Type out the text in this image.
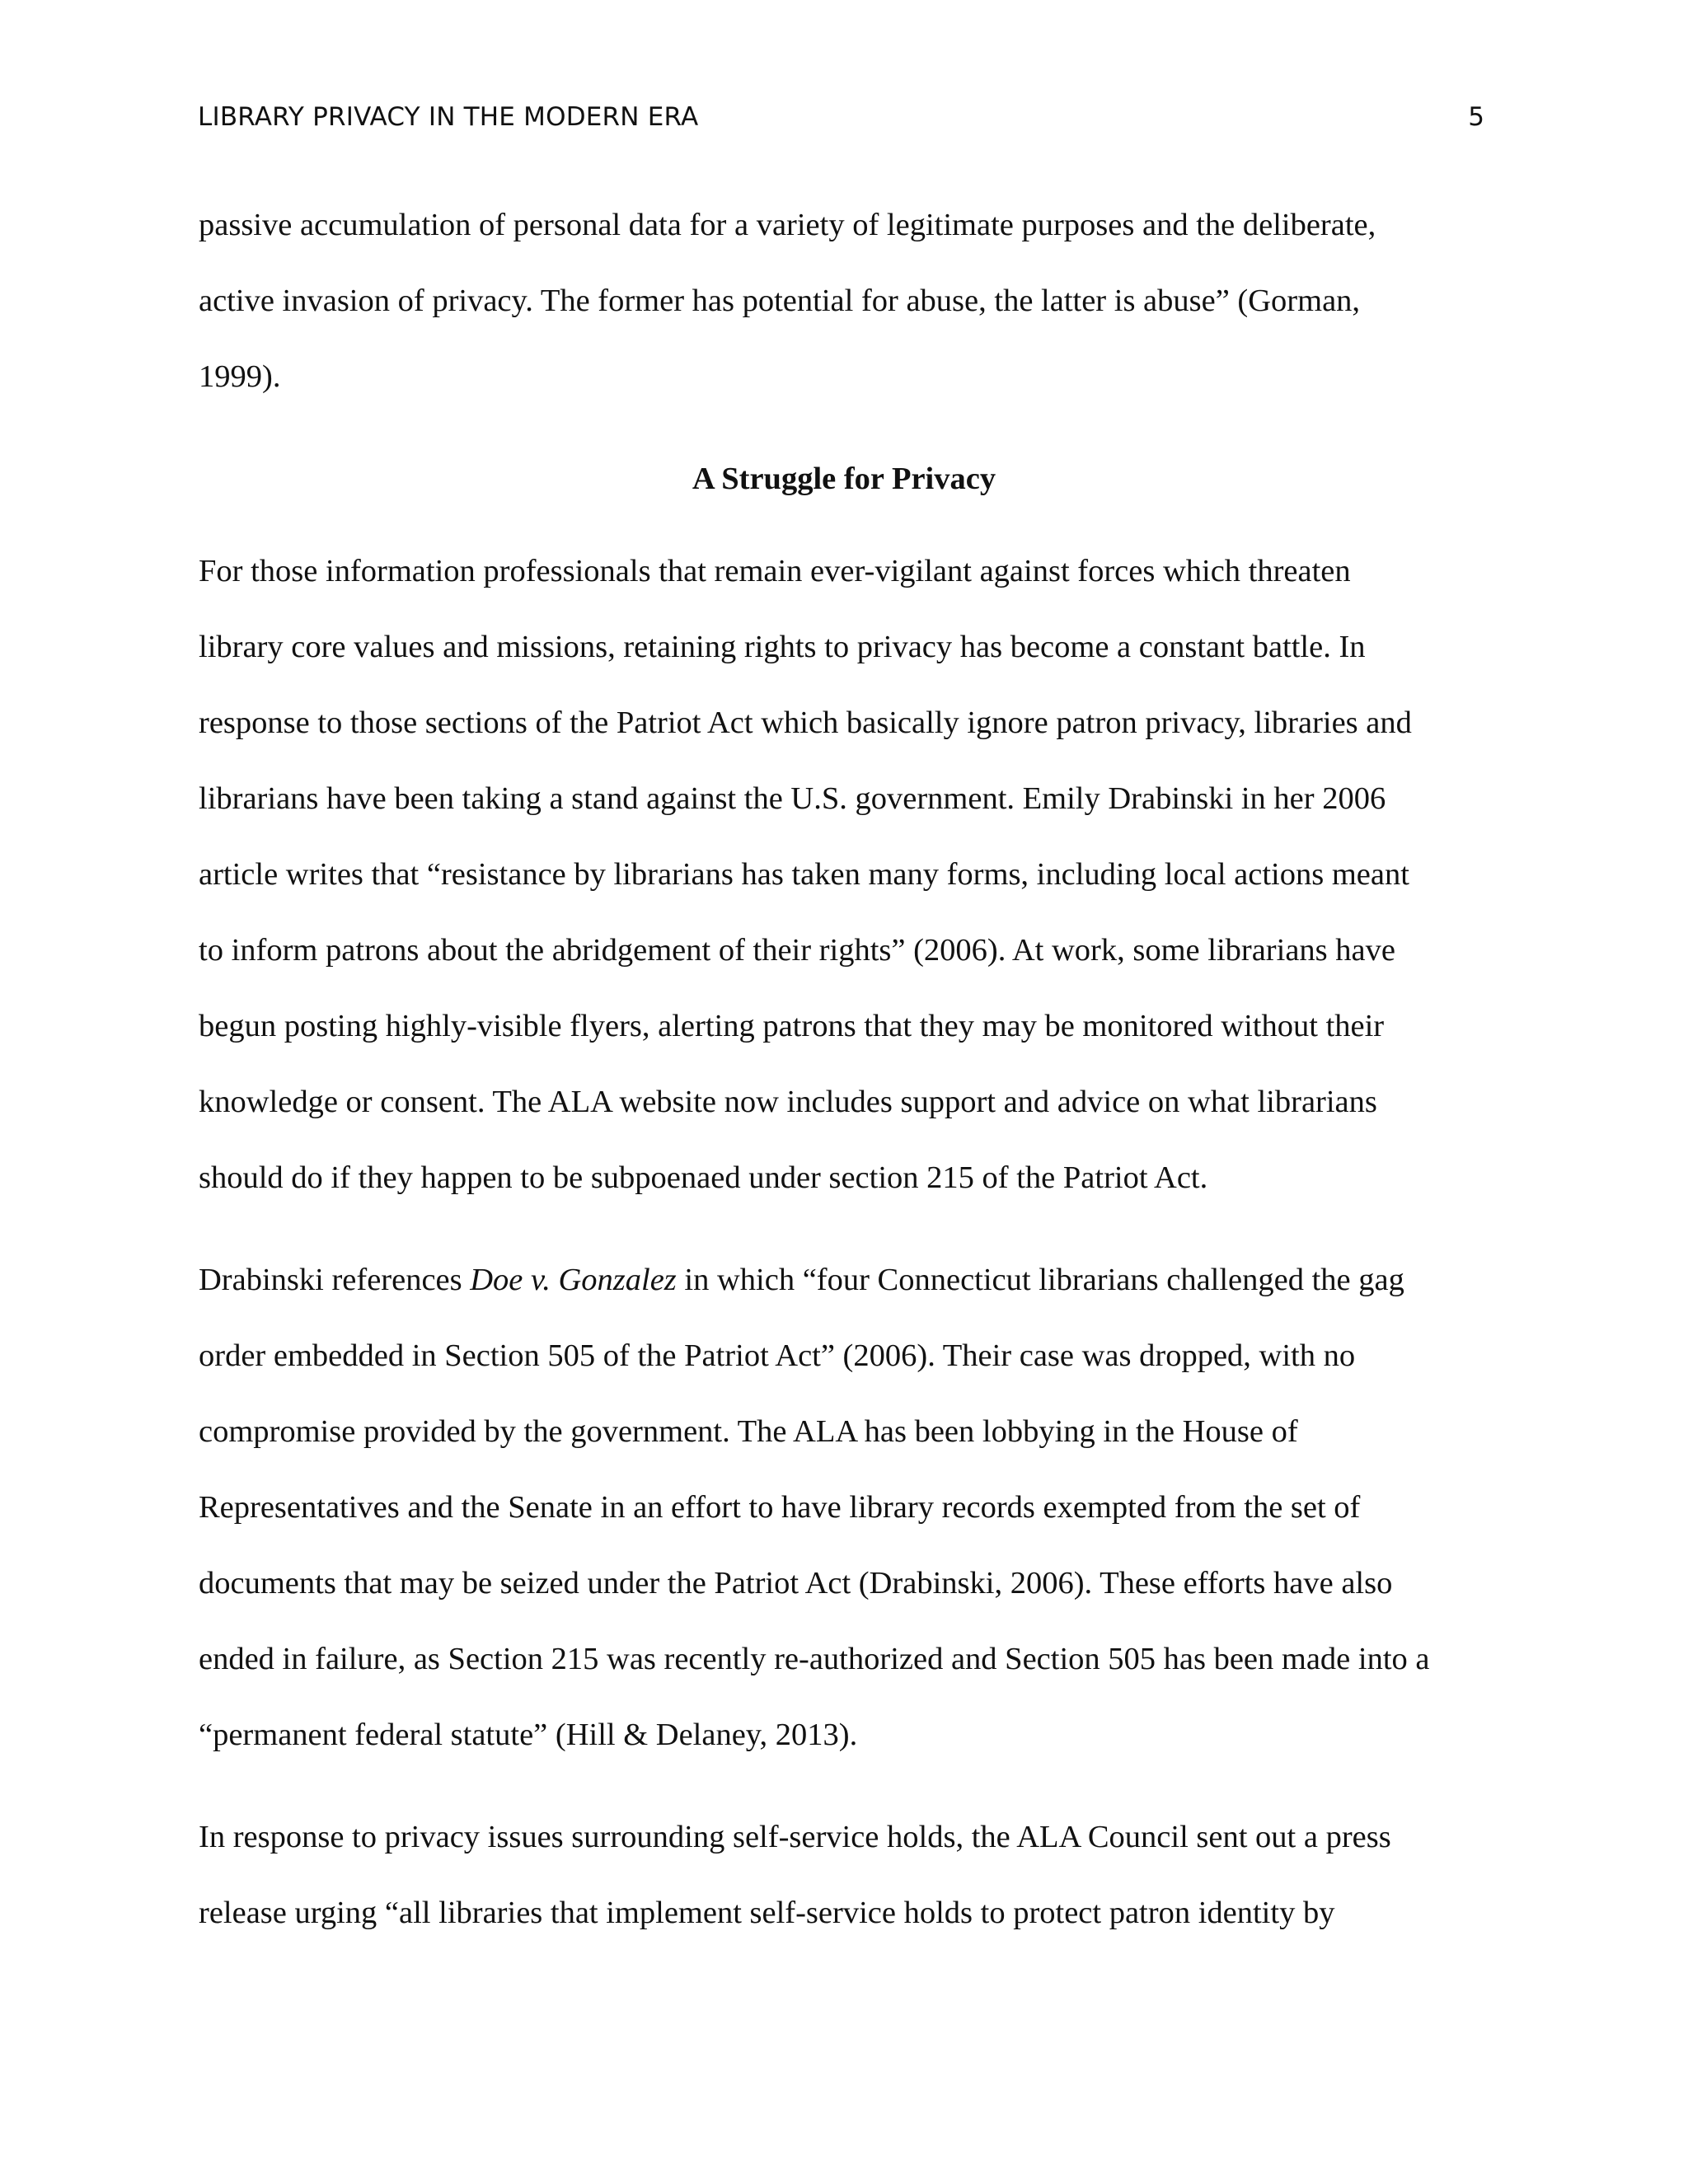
LIBRARY PRIVACY IN THE MODERN ERA	5
passive accumulation of personal data for a variety of legitimate purposes and the deliberate,
active invasion of privacy. The former has potential for abuse, the latter is abuse” (Gorman,
1999).
A Struggle for Privacy
For those information professionals that remain ever-vigilant against forces which threaten
library core values and missions, retaining rights to privacy has become a constant battle. In
response to those sections of the Patriot Act which basically ignore patron privacy, libraries and
librarians have been taking a stand against the U.S. government. Emily Drabinski in her 2006
article writes that “resistance by librarians has taken many forms, including local actions meant
to inform patrons about the abridgement of their rights” (2006). At work, some librarians have
begun posting highly-visible flyers, alerting patrons that they may be monitored without their
knowledge or consent. The ALA website now includes support and advice on what librarians
should do if they happen to be subpoenaed under section 215 of the Patriot Act.
Drabinski references Doe v. Gonzalez in which “four Connecticut librarians challenged the gag
order embedded in Section 505 of the Patriot Act” (2006). Their case was dropped, with no
compromise provided by the government. The ALA has been lobbying in the House of
Representatives and the Senate in an effort to have library records exempted from the set of
documents that may be seized under the Patriot Act (Drabinski, 2006). These efforts have also
ended in failure, as Section 215 was recently re-authorized and Section 505 has been made into a
“permanent federal statute” (Hill & Delaney, 2013).
In response to privacy issues surrounding self-service holds, the ALA Council sent out a press
release urging “all libraries that implement self-service holds to protect patron identity by
